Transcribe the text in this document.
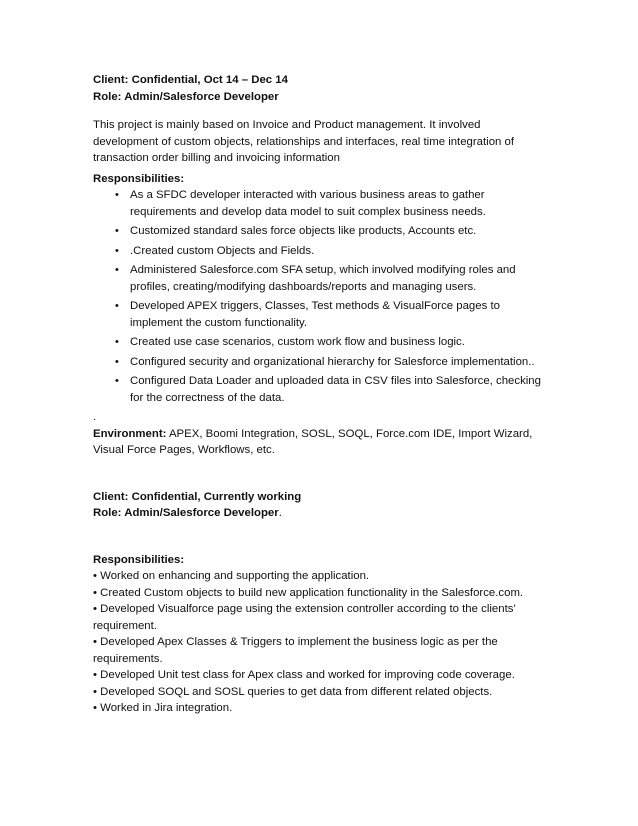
Client: Confidential, Oct 14 – Dec 14

Role: Admin/Salesforce Developer

This project is mainly based on Invoice and Product management. It involved development of custom objects, relationships and interfaces, real time integration of transaction order billing and invoicing information

Responsibilities:

• As a SFDC developer interacted with various business areas to gather requirements and develop data model to suit complex business needs.
• Customized standard sales force objects like products, Accounts etc.
• .Created custom Objects and Fields.
• Administered Salesforce.com SFA setup, which involved modifying roles and profiles, creating/modifying dashboards/reports and managing users.
• Developed APEX triggers, Classes, Test methods & VisualForce pages to implement the custom functionality.
• Created use case scenarios, custom work flow and business logic.
• Configured security and organizational hierarchy for Salesforce implementation..
• Configured Data Loader and uploaded data in CSV files into Salesforce, checking for the correctness of the data.

.

Environment: APEX, Boomi Integration, SOSL, SOQL, Force.com IDE, Import Wizard, Visual Force Pages, Workflows, etc.

Client: Confidential, Currently working

Role: Admin/Salesforce Developer.

Responsibilities:

• Worked on enhancing and supporting the application.

• Created Custom objects to build new application functionality in the Salesforce.com.

• Developed Visualforce page using the extension controller according to the clients’ requirement.

• Developed Apex Classes & Triggers to implement the business logic as per the requirements.

• Developed Unit test class for Apex class and worked for improving code coverage.

• Developed SOQL and SOSL queries to get data from different related objects.

• Worked in Jira integration.
